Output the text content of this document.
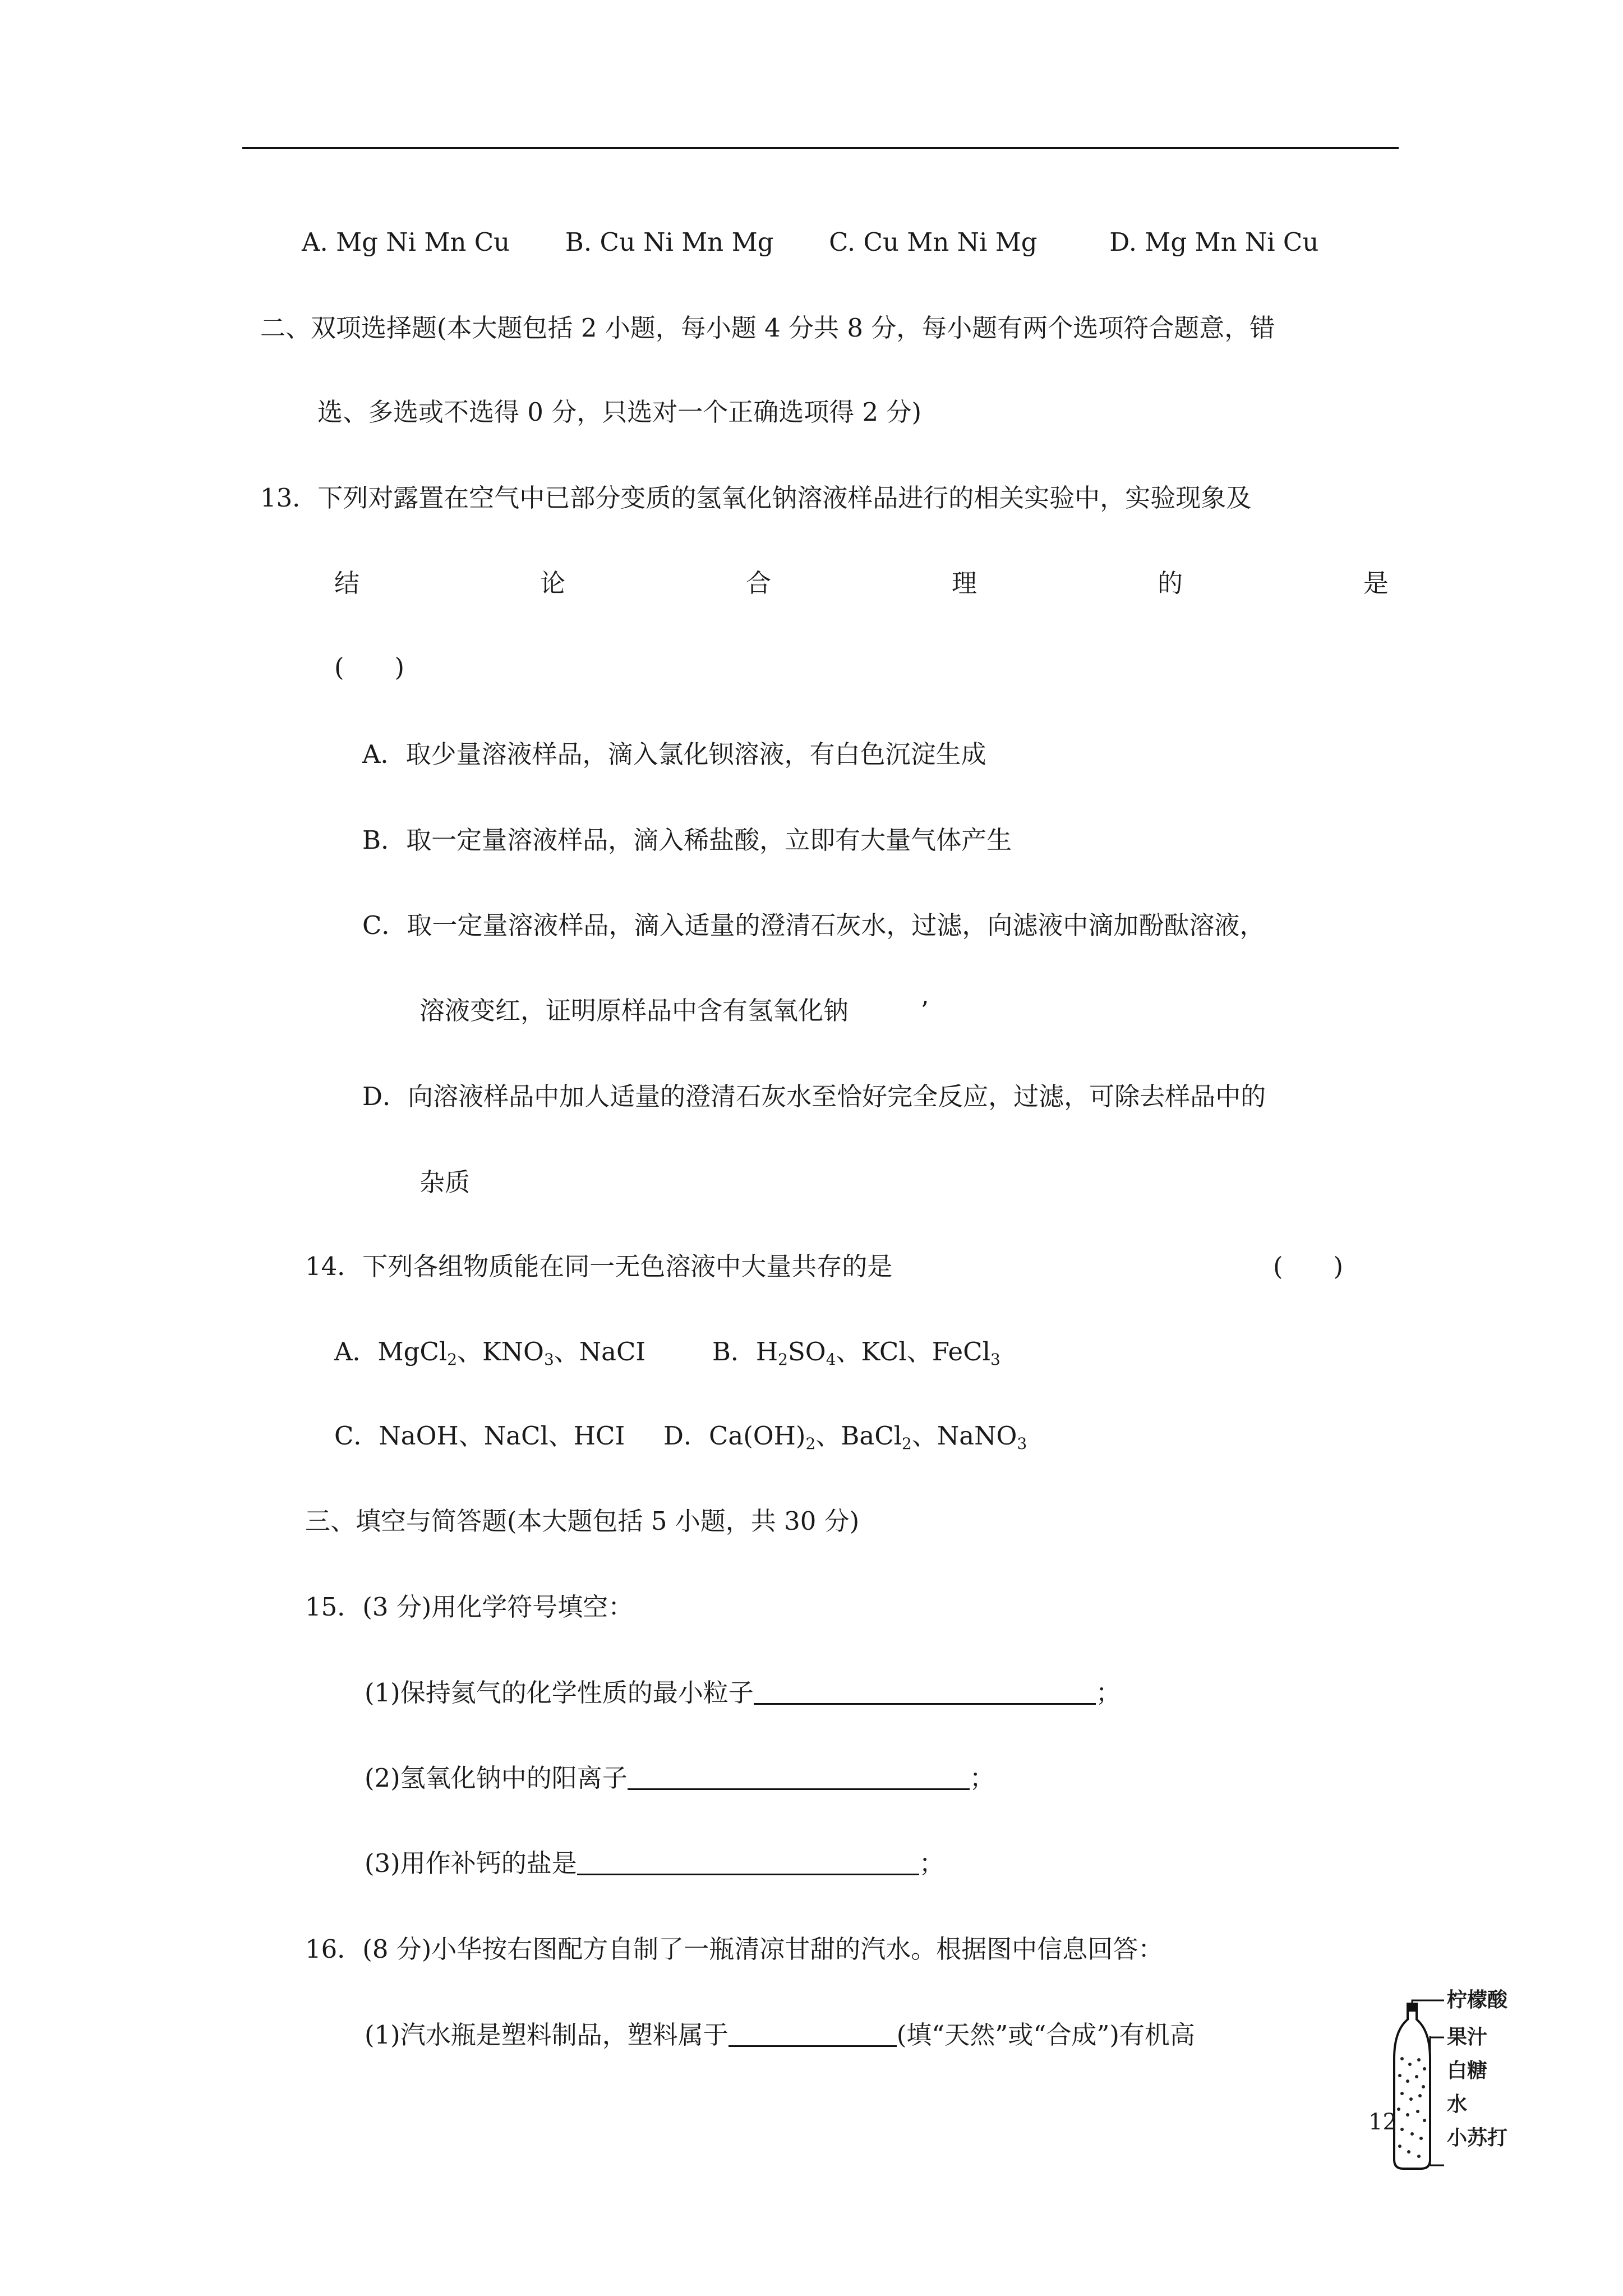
A. Mg Ni Mn Cu B. Cu Ni Mn Mg C. Cu Mn Ni Mg	D. Mg Mn Ni Cu
二、双项选择题(本大题包括 2 小题，每小题 4 分共 8 分，每小题有两个选项符合题意，错
选、多选或不选得 0 分，只选对一个正确选项得 2 分)
13．下列对露置在空气中已部分变质的氢氧化钠溶液样品进行的相关实验中，实验现象及
结	论	合	理	的	是
(　　)
A．取少量溶液样品，滴入氯化钡溶液，有白色沉淀生成
B．取一定量溶液样品，滴入稀盐酸，立即有大量气体产生
C．取一定量溶液样品，滴入适量的澄清石灰水，过滤，向滤液中滴加酚酞溶液，
溶液变红，证明原样品中含有氢氧化钠	’
D．向溶液样品中加人适量的澄清石灰水至恰好完全反应，过滤，可除去样品中的
杂质
14．下列各组物质能在同一无色溶液中大量共存的是	(　　)
A．MgCl$_2$、$KNO_3$、NaCI	B．$H_2SO_4$、KCl、FeCl$_3$
C．NaOH、NaCl、HCI D．$Ca(OH)_2$、BaCl$_2$、NaNO$_3$
三、填空与简答题(本大题包括 5 小题，共 30 分)
15．(3 分)用化学符号填空：
(1)保持氦气的化学性质的最小粒子	；
(2)氢氧化钠中的阳离子	；
(3)用作补钙的盐是	；
16．(8 分)小华按右图配方自制了一瓶清凉甘甜的汽水。根据图中信息回答：
(1)汽水瓶是塑料制品，塑料属于	(填“天然”或“合成”)有机高
柠檬酸
果汁
白糖
水
小苏打
12
